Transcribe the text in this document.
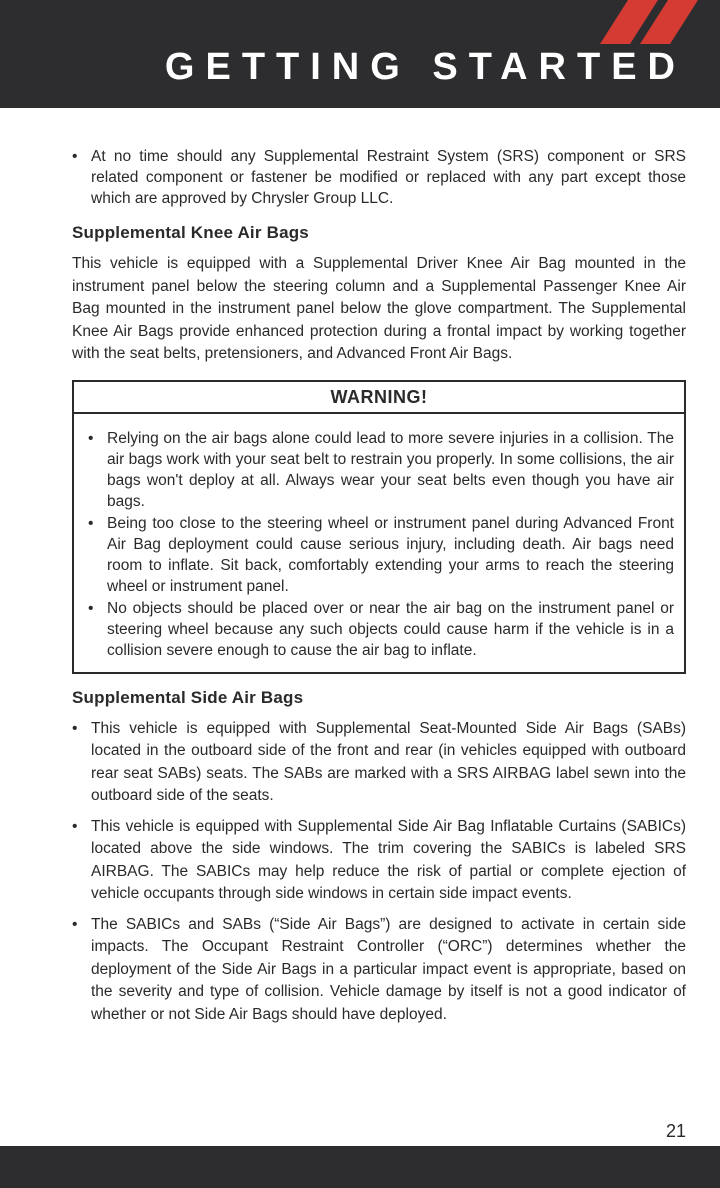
GETTING STARTED
• At no time should any Supplemental Restraint System (SRS) component or SRS related component or fastener be modified or replaced with any part except those which are approved by Chrysler Group LLC.
Supplemental Knee Air Bags
This vehicle is equipped with a Supplemental Driver Knee Air Bag mounted in the instrument panel below the steering column and a Supplemental Passenger Knee Air Bag mounted in the instrument panel below the glove compartment. The Supplemental Knee Air Bags provide enhanced protection during a frontal impact by working together with the seat belts, pretensioners, and Advanced Front Air Bags.
WARNING!
• Relying on the air bags alone could lead to more severe injuries in a collision. The air bags work with your seat belt to restrain you properly. In some collisions, the air bags won't deploy at all. Always wear your seat belts even though you have air bags.
• Being too close to the steering wheel or instrument panel during Advanced Front Air Bag deployment could cause serious injury, including death. Air bags need room to inflate. Sit back, comfortably extending your arms to reach the steering wheel or instrument panel.
• No objects should be placed over or near the air bag on the instrument panel or steering wheel because any such objects could cause harm if the vehicle is in a collision severe enough to cause the air bag to inflate.
Supplemental Side Air Bags
• This vehicle is equipped with Supplemental Seat-Mounted Side Air Bags (SABs) located in the outboard side of the front and rear (in vehicles equipped with outboard rear seat SABs) seats. The SABs are marked with a SRS AIRBAG label sewn into the outboard side of the seats.
• This vehicle is equipped with Supplemental Side Air Bag Inflatable Curtains (SABICs) located above the side windows. The trim covering the SABICs is labeled SRS AIRBAG. The SABICs may help reduce the risk of partial or complete ejection of vehicle occupants through side windows in certain side impact events.
• The SABICs and SABs (“Side Air Bags”) are designed to activate in certain side impacts. The Occupant Restraint Controller (“ORC”) determines whether the deployment of the Side Air Bags in a particular impact event is appropriate, based on the severity and type of collision. Vehicle damage by itself is not a good indicator of whether or not Side Air Bags should have deployed.
21
